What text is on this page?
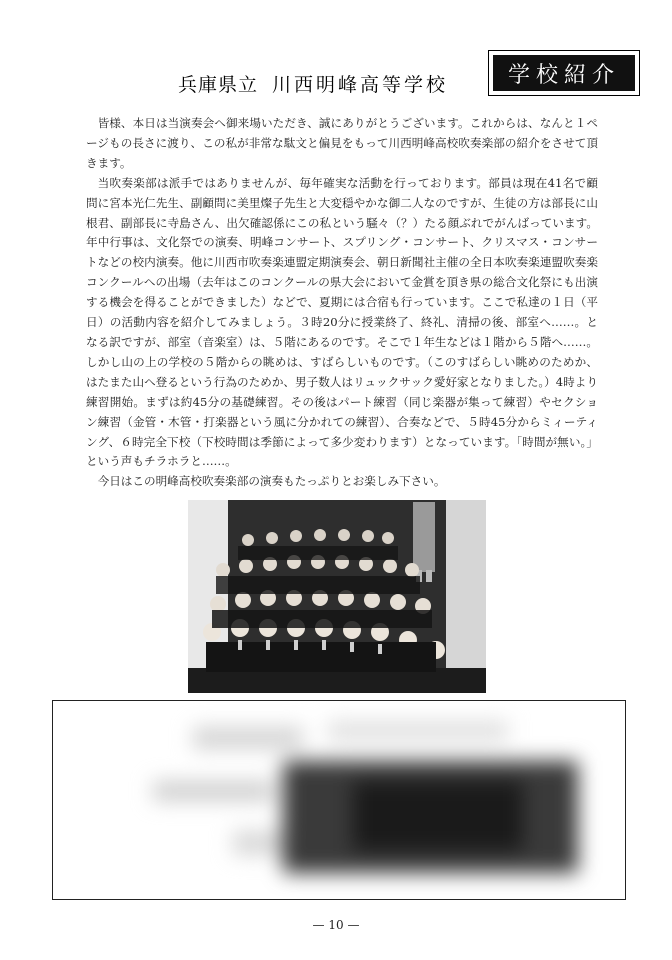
学校紹介
兵庫県立 川西明峰高等学校

皆様、本日は当演奏会へ御来場いただき、誠にありがとうございます。これからは、なんと１ページもの長さに渡り、この私が非常な駄文と偏見をもって川西明峰高校吹奏楽部の紹介をさせて頂きます。

当吹奏楽部は派手ではありませんが、毎年確実な活動を行っております。部員は現在41名で顧問に宮本光仁先生、副顧問に美里燦子先生と大変穏やかな御二人なのですが、生徒の方は部長に山根君、副部長に寺島さん、出欠確認係にこの私という騒々（？）たる顔ぶれでがんばっています。年中行事は、文化祭での演奏、明峰コンサート、スプリング・コンサート、クリスマス・コンサートなどの校内演奏。他に川西市吹奏楽連盟定期演奏会、朝日新聞社主催の全日本吹奏楽連盟吹奏楽コンクールへの出場（去年はこのコンクールの県大会において金賞を頂き県の総合文化祭にも出演する機会を得ることができました）などで、夏期には合宿も行っています。ここで私達の１日（平日）の活動内容を紹介してみましょう。３時20分に授業終了、終礼、清掃の後、部室へ……。となる訳ですが、部室（音楽室）は、５階にあるのです。そこで１年生などは１階から５階へ……。しかし山の上の学校の５階からの眺めは、すばらしいものです。（このすばらしい眺めのためか、はたまた山へ登るという行為のためか、男子数人はリュックサック愛好家となりました。）4時より練習開始。まずは約45分の基礎練習。その後はパート練習（同じ楽器が集って練習）やセクション練習（金管・木管・打楽器という風に分かれての練習）、合奏などで、５時45分からミィーティング、６時完全下校（下校時間は季節によって多少変わります）となっています。「時間が無い。」という声もチラホラと……。

今日はこの明峰高校吹奏楽部の演奏もたっぷりとお楽しみ下さい。

— 10 —
